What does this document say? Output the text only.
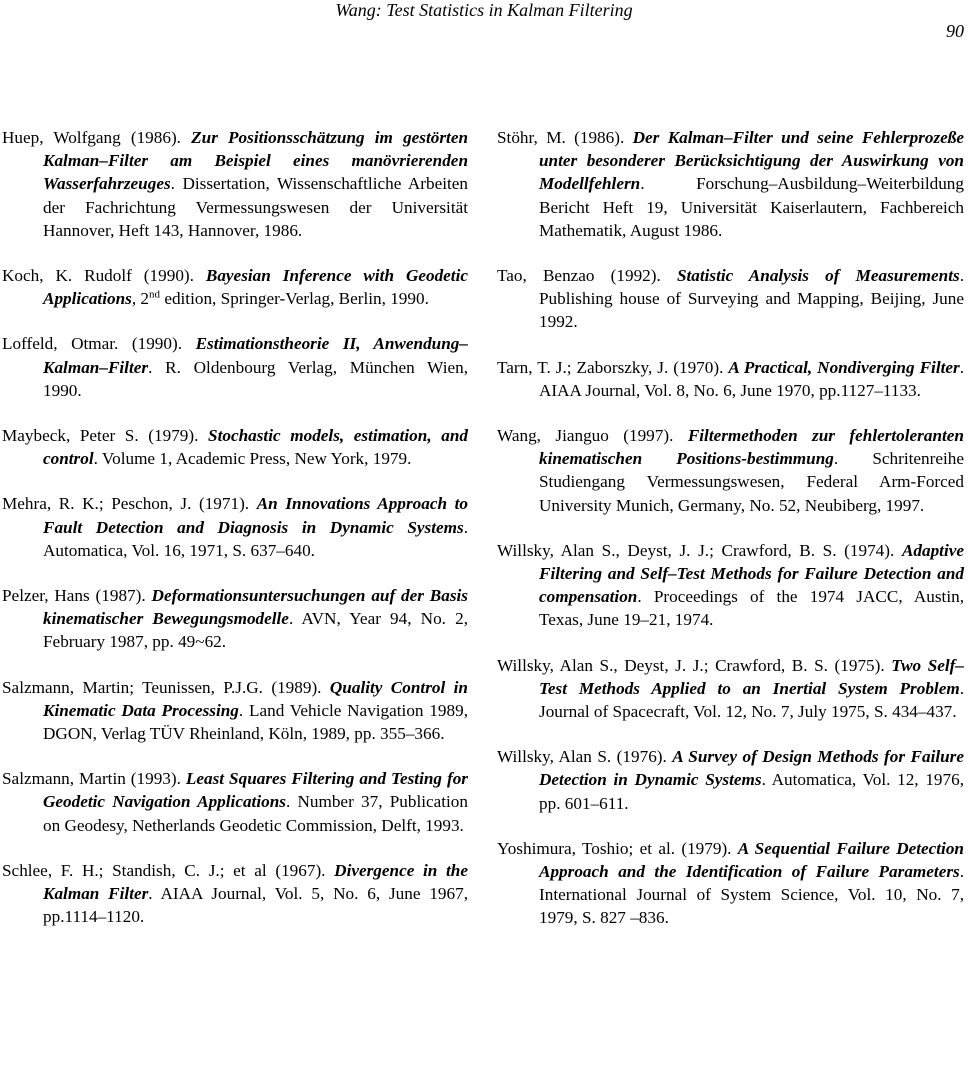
Wang: Test Statistics in Kalman Filtering
90

Huep, Wolfgang (1986). Zur Positionsschätzung im gestörten Kalman–Filter am Beispiel eines manövrierenden Wasserfahrzeuges. Dissertation, Wissenschaftliche Arbeiten der Fachrichtung Vermessungswesen der Universität Hannover, Heft 143, Hannover, 1986.

Koch, K. Rudolf (1990). Bayesian Inference with Geodetic Applications, 2nd edition, Springer-Verlag, Berlin, 1990.

Loffeld, Otmar. (1990). Estimationstheorie II, Anwendung–Kalman–Filter. R. Oldenbourg Verlag, München Wien, 1990.

Maybeck, Peter S. (1979). Stochastic models, estimation, and control. Volume 1, Academic Press, New York, 1979.

Mehra, R. K.; Peschon, J. (1971). An Innovations Approach to Fault Detection and Diagnosis in Dynamic Systems. Automatica, Vol. 16, 1971, S. 637–640.

Pelzer, Hans (1987). Deformationsuntersuchungen auf der Basis kinematischer Bewegungsmodelle. AVN, Year 94, No. 2, February 1987, pp. 49~62.

Salzmann, Martin; Teunissen, P.J.G. (1989). Quality Control in Kinematic Data Processing. Land Vehicle Navigation 1989, DGON, Verlag TÜV Rheinland, Köln, 1989, pp. 355–366.

Salzmann, Martin (1993). Least Squares Filtering and Testing for Geodetic Navigation Applications. Number 37, Publication on Geodesy, Netherlands Geodetic Commission, Delft, 1993.

Schlee, F. H.; Standish, C. J.; et al (1967). Divergence in the Kalman Filter. AIAA Journal, Vol. 5, No. 6, June 1967, pp.1114–1120.

Stöhr, M. (1986). Der Kalman–Filter und seine Fehlerprozeße unter besonderer Berücksichtigung der Auswirkung von Modellfehlern. Forschung–Ausbildung–Weiterbildung Bericht Heft 19, Universität Kaiserlautern, Fachbereich Mathematik, August 1986.

Tao, Benzao (1992). Statistic Analysis of Measurements. Publishing house of Surveying and Mapping, Beijing, June 1992.

Tarn, T. J.; Zaborszky, J. (1970). A Practical, Nondiverging Filter. AIAA Journal, Vol. 8, No. 6, June 1970, pp.1127–1133.

Wang, Jianguo (1997). Filtermethoden zur fehlertoleranten kinematischen Positions-bestimmung. Schritenreihe Studiengang Vermessungswesen, Federal Arm-Forced University Munich, Germany, No. 52, Neubiberg, 1997.

Willsky, Alan S., Deyst, J. J.; Crawford, B. S. (1974). Adaptive Filtering and Self–Test Methods for Failure Detection and compensation. Proceedings of the 1974 JACC, Austin, Texas, June 19–21, 1974.

Willsky, Alan S., Deyst, J. J.; Crawford, B. S. (1975). Two Self–Test Methods Applied to an Inertial System Problem. Journal of Spacecraft, Vol. 12, No. 7, July 1975, S. 434–437.

Willsky, Alan S. (1976). A Survey of Design Methods for Failure Detection in Dynamic Systems. Automatica, Vol. 12, 1976, pp. 601–611.

Yoshimura, Toshio; et al. (1979). A Sequential Failure Detection Approach and the Identification of Failure Parameters. International Journal of System Science, Vol. 10, No. 7, 1979, S. 827 –836.
